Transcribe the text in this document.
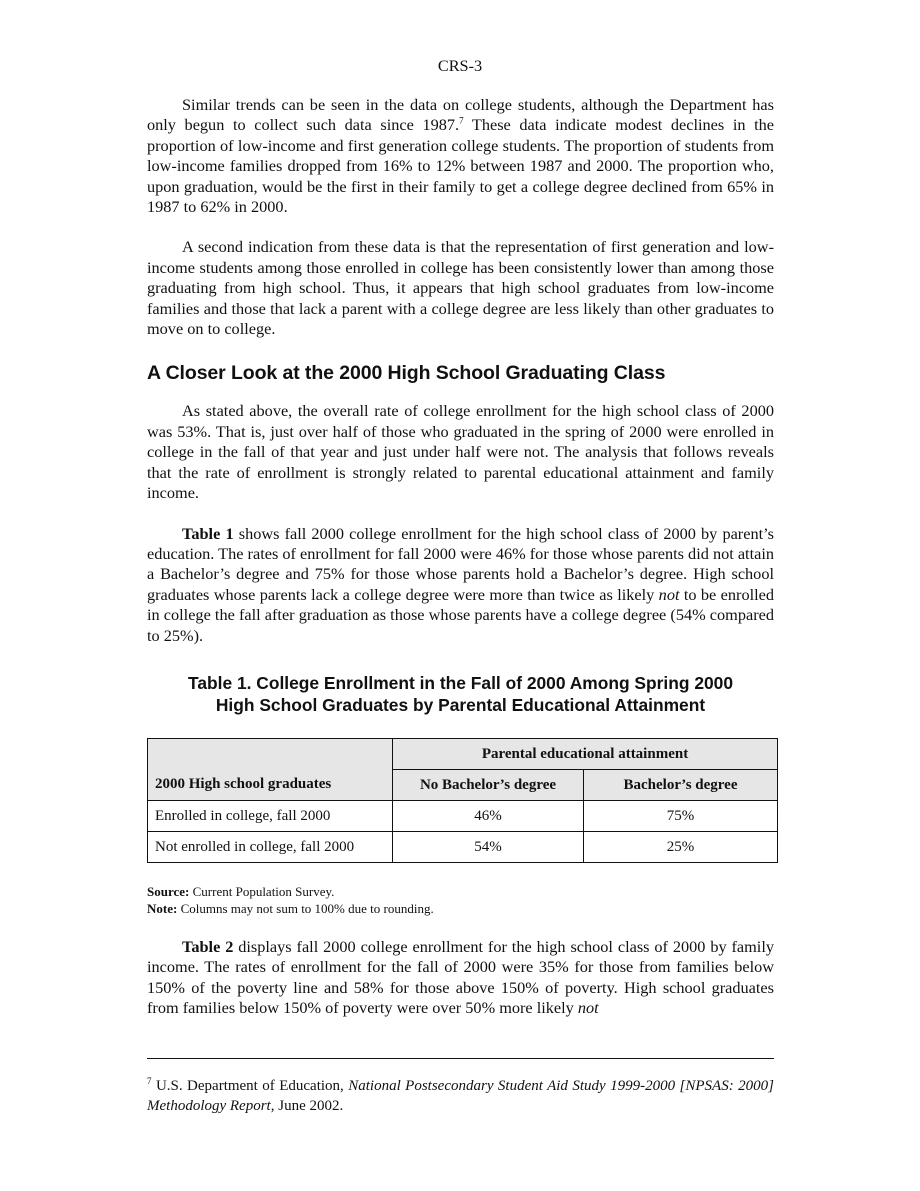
CRS-3

Similar trends can be seen in the data on college students, although the Department has only begun to collect such data since 1987.$^7$ These data indicate modest declines in the proportion of low-income and first generation college students. The proportion of students from low-income families dropped from 16% to 12% between 1987 and 2000. The proportion who, upon graduation, would be the first in their family to get a college degree declined from 65% in 1987 to 62% in 2000.

A second indication from these data is that the representation of first generation and low-income students among those enrolled in college has been consistently lower than among those graduating from high school. Thus, it appears that high school graduates from low-income families and those that lack a parent with a college degree are less likely than other graduates to move on to college.

A Closer Look at the 2000 High School Graduating Class

As stated above, the overall rate of college enrollment for the high school class of 2000 was 53%. That is, just over half of those who graduated in the spring of 2000 were enrolled in college in the fall of that year and just under half were not. The analysis that follows reveals that the rate of enrollment is strongly related to parental educational attainment and family income.

Table 1 shows fall 2000 college enrollment for the high school class of 2000 by parent’s education. The rates of enrollment for fall 2000 were 46% for those whose parents did not attain a Bachelor’s degree and 75% for those whose parents hold a Bachelor’s degree. High school graduates whose parents lack a college degree were more than twice as likely not to be enrolled in college the fall after graduation as those whose parents have a college degree (54% compared to 25%).

Table 1. College Enrollment in the Fall of 2000 Among Spring 2000
High School Graduates by Parental Educational Attainment
	Parental educational attainment	
2000 High school graduates	No Bachelor’s degree	Bachelor’s degree
Enrolled in college, fall 2000	46%	75%
Not enrolled in college, fall 2000	54%	25%
Source: Current Population Survey.
Note: Columns may not sum to 100% due to rounding.

Table 2 displays fall 2000 college enrollment for the high school class of 2000 by family income. The rates of enrollment for the fall of 2000 were 35% for those from families below 150% of the poverty line and 58% for those above 150% of poverty. High school graduates from families below 150% of poverty were over 50% more likely not

$^7$ U.S. Department of Education, National Postsecondary Student Aid Study 1999-2000 [NPSAS: 2000] Methodology Report, June 2002.
